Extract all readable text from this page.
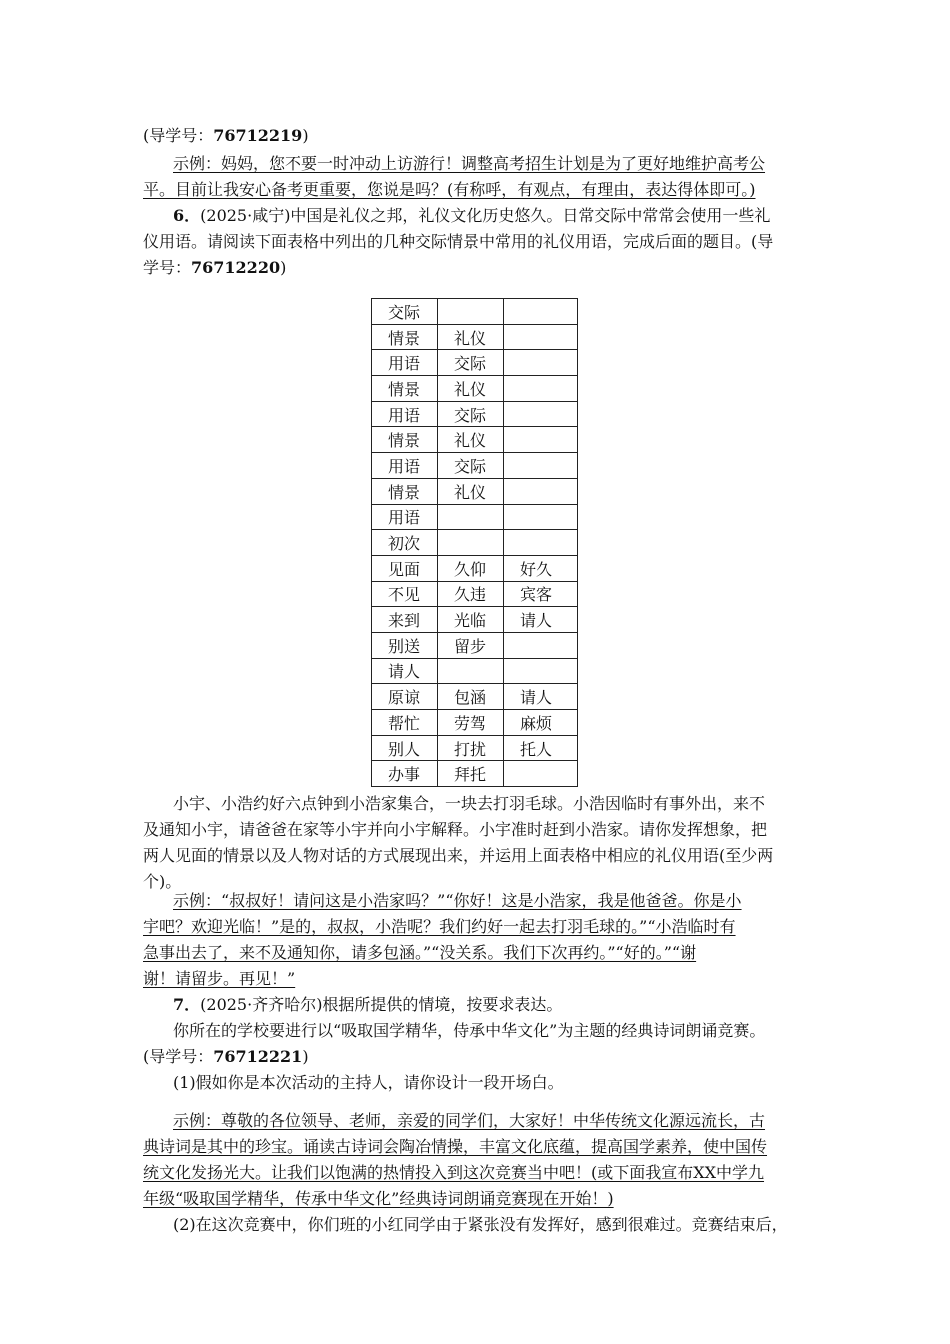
(导学号：76712219)
示例：妈妈，您不要一时冲动上访游行！调整高考招生计划是为了更好地维护高考公
平。目前让我安心备考更重要，您说是吗？(有称呼，有观点，有理由，表达得体即可。)
6．(2025·咸宁)中国是礼仪之邦，礼仪文化历史悠久。日常交际中常常会使用一些礼
仪用语。请阅读下面表格中列出的几种交际情景中常用的礼仪用语，完成后面的题目。(导
学号：76712220)
交际		
情景	礼仪	
用语	交际	
情景	礼仪	
用语	交际	
情景	礼仪	
用语	交际	
情景	礼仪	
用语		
初次		
见面	久仰	好久
不见	久违	宾客
来到	光临	请人
别送	留步	
请人		
原谅	包涵	请人
帮忙	劳驾	麻烦
别人	打扰	托人
办事	拜托	
小宇、小浩约好六点钟到小浩家集合，一块去打羽毛球。小浩因临时有事外出，来不
及通知小宇，请爸爸在家等小宇并向小宇解释。小宇准时赶到小浩家。请你发挥想象，把
两人见面的情景以及人物对话的方式展现出来，并运用上面表格中相应的礼仪用语(至少两
个)。
示例：“叔叔好！请问这是小浩家吗？”“你好！这是小浩家，我是他爸爸。你是小
宇吧？欢迎光临！”是的，叔叔，小浩呢？我们约好一起去打羽毛球的。”“小浩临时有
急事出去了，来不及通知你，请多包涵。”“没关系。我们下次再约。”“好的。”“谢
谢！请留步。再见！”
7．(2025·齐齐哈尔)根据所提供的情境，按要求表达。
你所在的学校要进行以“吸取国学精华，侍承中华文化”为主题的经典诗词朗诵竞赛。
(导学号：76712221)
(1)假如你是本次活动的主持人，请你设计一段开场白。
示例：尊敬的各位领导、老师，亲爱的同学们，大家好！中华传统文化源远流长，古
典诗词是其中的珍宝。诵读古诗词会陶冶情操，丰富文化底蕴，提高国学素养，使中国传
统文化发扬光大。让我们以饱满的热情投入到这次竞赛当中吧！(或下面我宣布XX中学九
年级“吸取国学精华，传承中华文化”经典诗词朗诵竞赛现在开始！)
(2)在这次竞赛中，你们班的小红同学由于紧张没有发挥好，感到很难过。竞赛结束后，
